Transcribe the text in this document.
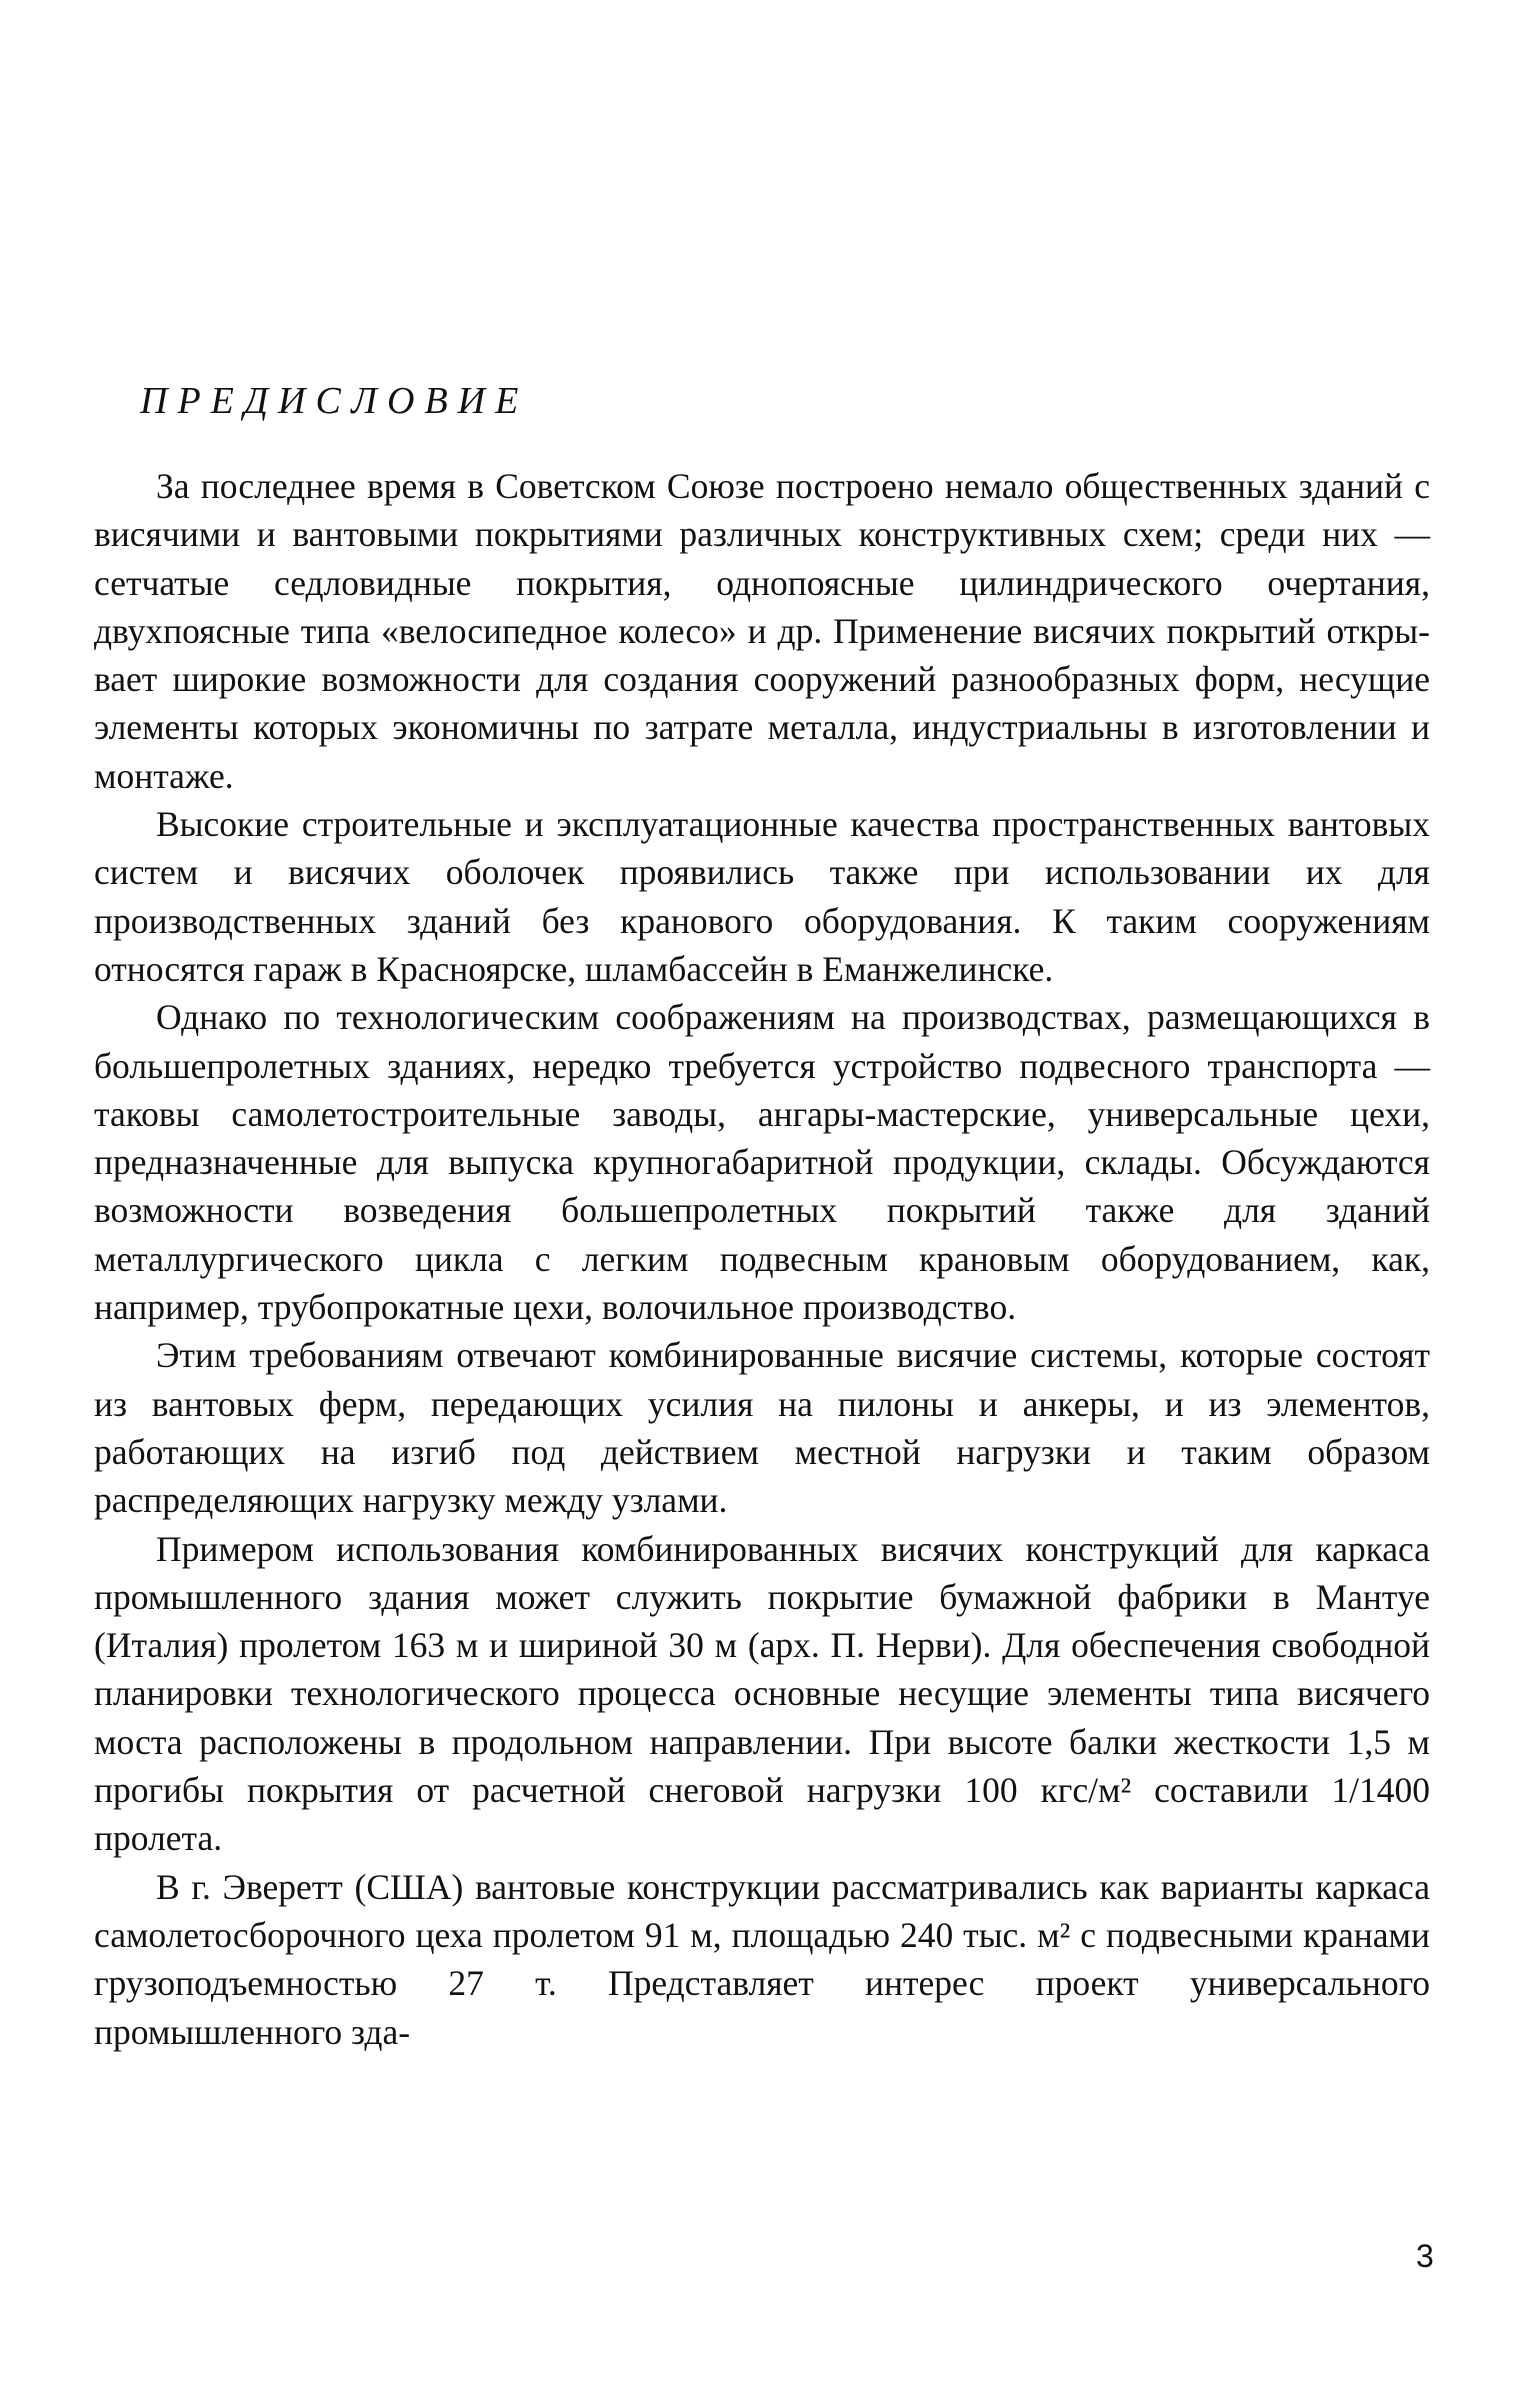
ПРЕДИСЛОВИЕ

За последнее время в Советском Союзе построено немало общественных зданий с висячими и вантовыми покрытиями различных конструктивных схем; среди них — сетчатые седловидные покрытия, однопоясные цилиндрического очертания, двухпоясные типа «велосипедное колесо» и др. Применение висячих покрытий открывает широкие возможности для создания сооружений разнообразных форм, несущие элементы которых экономичны по затрате металла, индустриальны в изготовлении и монтаже.

Высокие строительные и эксплуатационные качества пространственных вантовых систем и висячих оболочек проявились также при использовании их для производственных зданий без кранового оборудования. К таким сооружениям относятся гараж в Красноярске, шламбассейн в Еманжелинске.

Однако по технологическим соображениям на производствах, размещающихся в большепролетных зданиях, нередко требуется устройство подвесного транспорта — таковы самолетостроительные заводы, ангары-мастерские, универсальные цехи, предназначенные для выпуска крупногабаритной продукции, склады. Обсуждаются возможности возведения большепролетных покрытий также для зданий металлургического цикла с легким подвесным крановым оборудованием, как, например, трубопрокатные цехи, волочильное производство.

Этим требованиям отвечают комбинированные висячие системы, которые состоят из вантовых ферм, передающих усилия на пилоны и анкеры, и из элементов, работающих на изгиб под действием местной нагрузки и таким образом распределяющих нагрузку между узлами.

Примером использования комбинированных висячих конструкций для каркаса промышленного здания может служить покрытие бумажной фабрики в Мантуе (Италия) пролетом 163 м и шириной 30 м (арх. П. Нерви). Для обеспечения свободной планировки технологического процесса основные несущие элементы типа висячего моста расположены в продольном направлении. При высоте балки жесткости 1,5 м прогибы покрытия от расчетной снеговой нагрузки 100 кгс/м² составили 1/1400 пролета.

В г. Эверетт (США) вантовые конструкции рассматривались как варианты каркаса самолетосборочного цеха пролетом 91 м, площадью 240 тыс. м² с подвесными кранами грузоподъемностью 27 т. Представляет интерес проект универсального промышленного зда-

3
